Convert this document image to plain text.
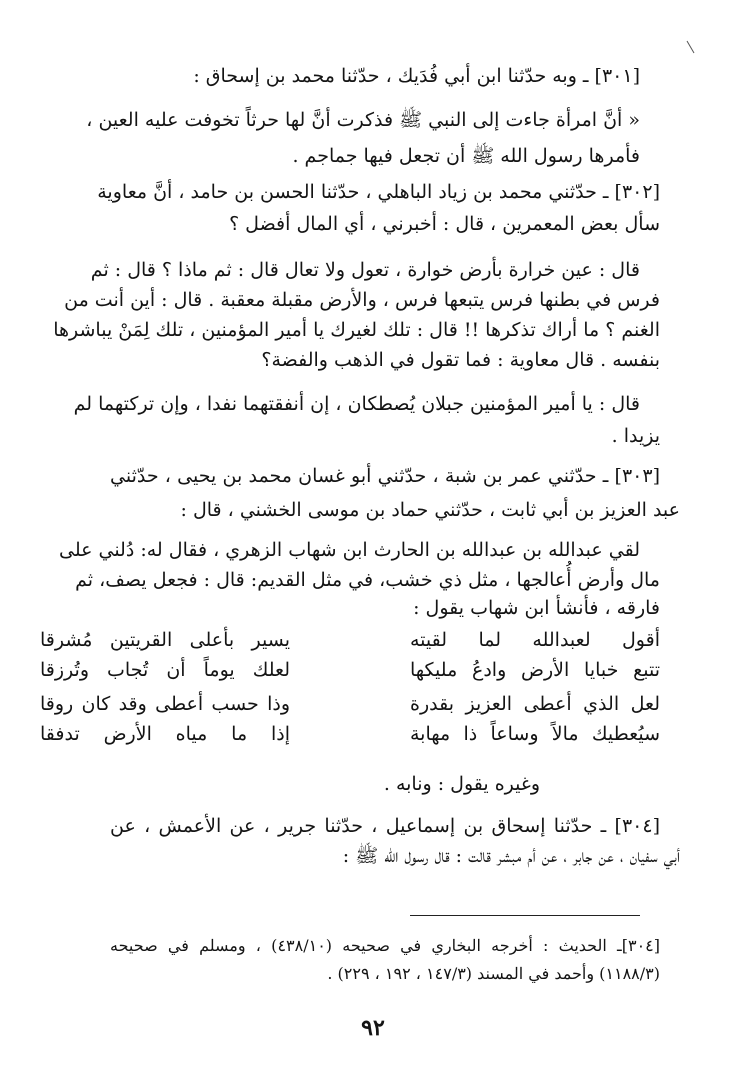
[٣٠١] ـ وبه حدّثنا ابن أبي فُدَيك ، حدّثنا محمد بن إسحاق :
« أنَّ امرأة جاءت إلى النبي ﷺ فذكرت أنَّ لها حرثاً تخوفت عليه العين ،
فأمرها رسول الله ﷺ أن تجعل فيها جماجم .
[٣٠٢] ـ حدّثني محمد بن زياد الباهلي ، حدّثنا الحسن بن حامد ، أنَّ معاوية
سأل بعض المعمرين ، قال : أخبرني ، أي المال أفضل ؟
قال : عين خرارة بأرض خوارة ، تعول ولا تعال قال : ثم ماذا ؟ قال : ثم
فرس في بطنها فرس يتبعها فرس ، والأرض مقبلة معقبة . قال : أين أنت من
الغنم ؟ ما أراك تذكرها !! قال : تلك لغيرك يا أمير المؤمنين ، تلك لِمَنْ يباشرها
بنفسه . قال معاوية : فما تقول في الذهب والفضة؟
قال : يا أمير المؤمنين جبلان يُصطكان ، إن أنفقتهما نفدا ، وإن تركتهما لم
يزيدا .
[٣٠٣] ـ حدّثني عمر بن شبة ، حدّثني أبو غسان محمد بن يحيى ، حدّثني
عبد العزيز بن أبي ثابت ، حدّثني حماد بن موسى الخشني ، قال :
لقي عبدالله بن عبدالله بن الحارث ابن شهاب الزهري ، فقال له: دُلني على
مال وأرض أُعالجها ، مثل ذي خشب، في مثل القديم: قال : فجعل يصف، ثم
فارقه ، فأنشأ ابن شهاب يقول :
أقول لعبدالله لما لقيته
يسير بأعلى القريتين مُشرقا
تتبع خبايا الأرض وادعُ مليكها
لعلك يوماً أن تُجاب وتُرزقا
لعل الذي أعطى العزيز بقدرة
وذا حسب أعطى وقد كان روقا
سيُعطيك مالاً وساعاً ذا مهابة
إذا ما مياه الأرض تدفقا
وغيره يقول : ونابه .
[٣٠٤] ـ حدّثنا إسحاق بن إسماعيل ، حدّثنا جرير ، عن الأعمش ، عن
أبي سفيان ، عن جابر ، عن أم مبشر قالت : قال رسول الله ﷺ :
[٣٠٤]ـ الحديث : أخرجه البخاري في صحيحه (٤٣٨/١٠) ، ومسلم في صحيحه
(١١٨٨/٣) وأحمد في المسند (١٤٧/٣ ، ١٩٢ ، ٢٢٩) .
٩٢
